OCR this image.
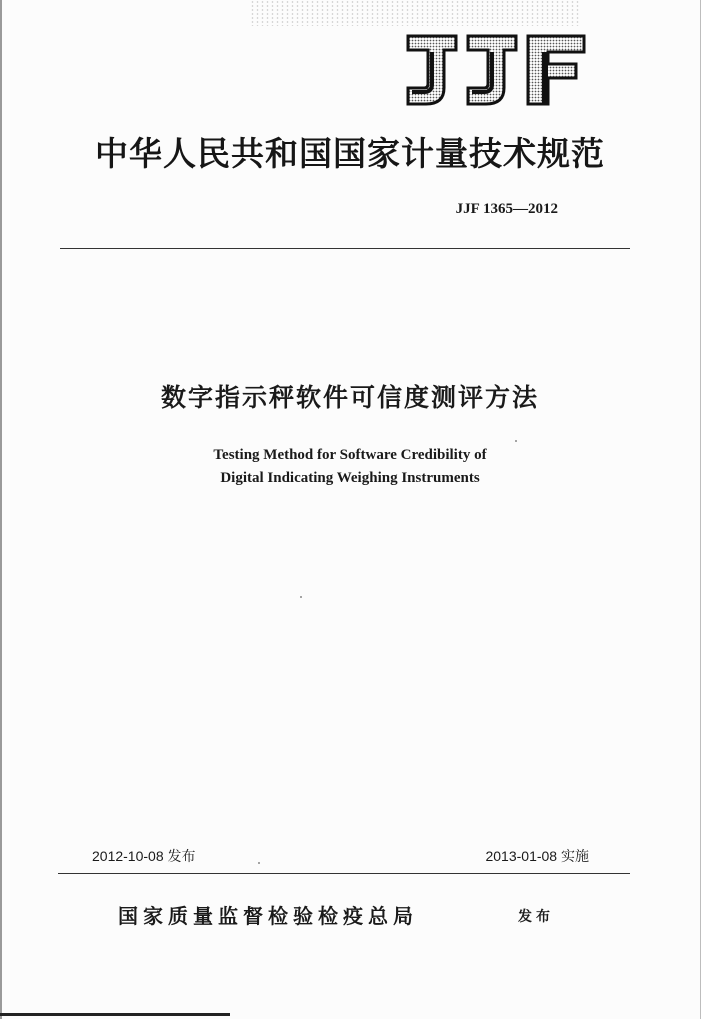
中华人民共和国国家计量技术规范
JJF 1365—2012
数字指示秤软件可信度测评方法
Testing Method for Software Credibility of
Digital Indicating Weighing Instruments
2012-10-08 发布	2013-01-08 实施
国家质量监督检验检疫总局	发布
